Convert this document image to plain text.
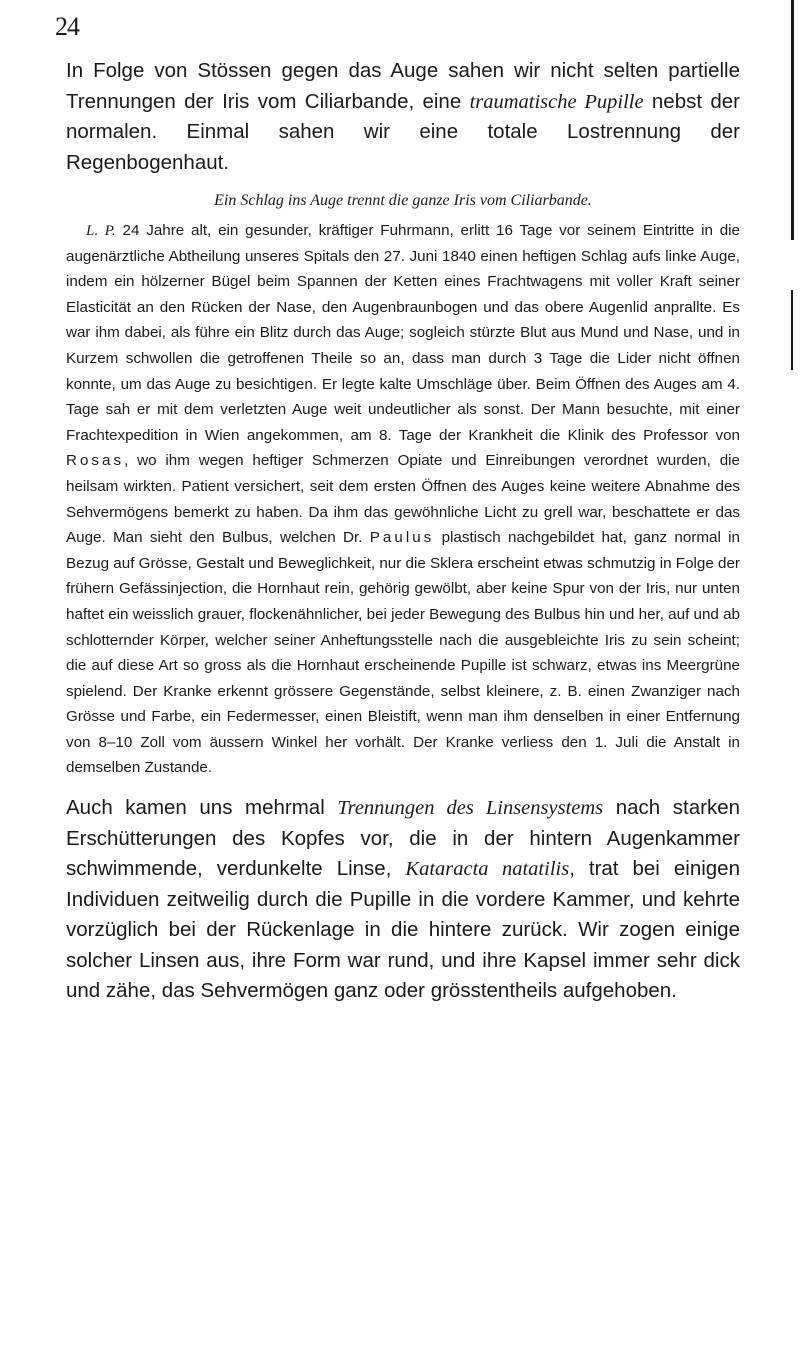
24

In Folge von Stössen gegen das Auge sahen wir nicht selten partielle Trennungen der Iris vom Ciliarbande, eine traumatische Pupille nebst der normalen. Einmal sahen wir eine totale Lostrennung der Regenbogenhaut.

Ein Schlag ins Auge trennt die ganze Iris vom Ciliarbande.

L. P. 24 Jahre alt, ein gesunder, kräftiger Fuhrmann, erlitt 16 Tage vor seinem Eintritte in die augenärztliche Abtheilung unseres Spitals den 27. Juni 1840 einen heftigen Schlag aufs linke Auge, indem ein hölzerner Bügel beim Spannen der Ketten eines Frachtwagens mit voller Kraft seiner Elasticität an den Rücken der Nase, den Augenbraunbogen und das obere Augenlid anprallte. Es war ihm dabei, als führe ein Blitz durch das Auge; sogleich stürzte Blut aus Mund und Nase, und in Kurzem schwollen die getroffenen Theile so an, dass man durch 3 Tage die Lider nicht öffnen konnte, um das Auge zu besichtigen. Er legte kalte Umschläge über. Beim Öffnen des Auges am 4. Tage sah er mit dem verletzten Auge weit undeutlicher als sonst. Der Mann besuchte, mit einer Frachtexpedition in Wien angekommen, am 8. Tage der Krankheit die Klinik des Professor von Rosas, wo ihm wegen heftiger Schmerzen Opiate und Einreibungen verordnet wurden, die heilsam wirkten. Patient versichert, seit dem ersten Öffnen des Auges keine weitere Abnahme des Sehvermögens bemerkt zu haben. Da ihm das gewöhnliche Licht zu grell war, beschattete er das Auge. Man sieht den Bulbus, welchen Dr. Paulus plastisch nachgebildet hat, ganz normal in Bezug auf Grösse, Gestalt und Beweglichkeit, nur die Sklera erscheint etwas schmutzig in Folge der frühern Gefässinjection, die Hornhaut rein, gehörig gewölbt, aber keine Spur von der Iris, nur unten haftet ein weisslich grauer, flockenähnlicher, bei jeder Bewegung des Bulbus hin und her, auf und ab schlotternder Körper, welcher seiner Anheftungsstelle nach die ausgebleichte Iris zu sein scheint; die auf diese Art so gross als die Hornhaut erscheinende Pupille ist schwarz, etwas ins Meergrüne spielend. Der Kranke erkennt grössere Gegenstände, selbst kleinere, z. B. einen Zwanziger nach Grösse und Farbe, ein Federmesser, einen Bleistift, wenn man ihm denselben in einer Entfernung von 8–10 Zoll vom äussern Winkel her vorhält. Der Kranke verliess den 1. Juli die Anstalt in demselben Zustande.

Auch kamen uns mehrmal Trennungen des Linsensystems nach starken Erschütterungen des Kopfes vor, die in der hintern Augenkammer schwimmende, verdunkelte Linse, Kataracta natatilis, trat bei einigen Individuen zeitweilig durch die Pupille in die vordere Kammer, und kehrte vorzüglich bei der Rückenlage in die hintere zurück. Wir zogen einige solcher Linsen aus, ihre Form war rund, und ihre Kapsel immer sehr dick und zähe, das Sehvermögen ganz oder grösstentheils aufgehoben.
